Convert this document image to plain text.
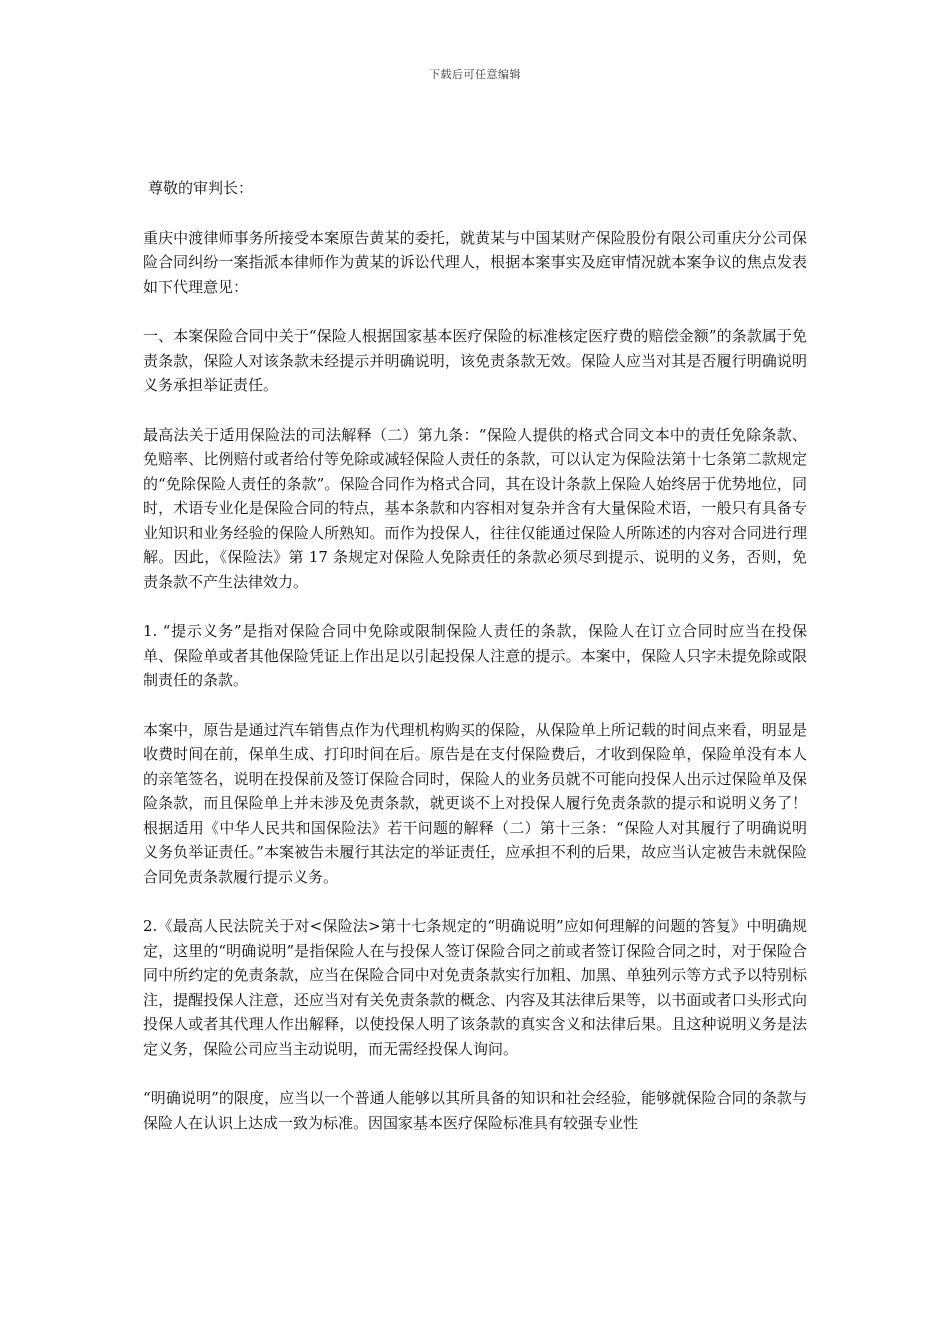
下载后可任意编辑

尊敬的审判长：

重庆中渡律师事务所接受本案原告黄某的委托，就黄某与中国某财产保险股份有限公司重庆分公司保险合同纠纷一案指派本律师作为黄某的诉讼代理人，根据本案事实及庭审情况就本案争议的焦点发表如下代理意见：

一、本案保险合同中关于“保险人根据国家基本医疗保险的标准核定医疗费的赔偿金额”的条款属于免责条款，保险人对该条款未经提示并明确说明，该免责条款无效。保险人应当对其是否履行明确说明义务承担举证责任。

最高法关于适用保险法的司法解释（二）第九条：“保险人提供的格式合同文本中的责任免除条款、免赔率、比例赔付或者给付等免除或减轻保险人责任的条款，可以认定为保险法第十七条第二款规定的“免除保险人责任的条款”。保险合同作为格式合同，其在设计条款上保险人始终居于优势地位，同时，术语专业化是保险合同的特点，基本条款和内容相对复杂并含有大量保险术语，一般只有具备专业知识和业务经验的保险人所熟知。而作为投保人，往往仅能通过保险人所陈述的内容对合同进行理解。因此，《保险法》第 17 条规定对保险人免除责任的条款必须尽到提示、说明的义务，否则，免责条款不产生法律效力。

1. “提示义务”是指对保险合同中免除或限制保险人责任的条款，保险人在订立合同时应当在投保单、保险单或者其他保险凭证上作出足以引起投保人注意的提示。本案中，保险人只字未提免除或限制责任的条款。

本案中，原告是通过汽车销售点作为代理机构购买的保险，从保险单上所记载的时间点来看，明显是收费时间在前，保单生成、打印时间在后。原告是在支付保险费后，才收到保险单，保险单没有本人的亲笔签名，说明在投保前及签订保险合同时，保险人的业务员就不可能向投保人出示过保险单及保险条款，而且保险单上并未涉及免责条款，就更谈不上对投保人履行免责条款的提示和说明义务了！根据适用《中华人民共和国保险法》若干问题的解释（二）第十三条：“保险人对其履行了明确说明义务负举证责任。”本案被告未履行其法定的举证责任，应承担不利的后果，故应当认定被告未就保险合同免责条款履行提示义务。

2.《最高人民法院关于对<保险法>第十七条规定的“明确说明”应如何理解的问题的答复》中明确规定，这里的“明确说明”是指保险人在与投保人签订保险合同之前或者签订保险合同之时，对于保险合同中所约定的免责条款，应当在保险合同中对免责条款实行加粗、加黑、单独列示等方式予以特别标注，提醒投保人注意，还应当对有关免责条款的概念、内容及其法律后果等，以书面或者口头形式向投保人或者其代理人作出解释，以使投保人明了该条款的真实含义和法律后果。且这种说明义务是法定义务，保险公司应当主动说明，而无需经投保人询问。

“明确说明”的限度，应当以一个普通人能够以其所具备的知识和社会经验，能够就保险合同的条款与保险人在认识上达成一致为标准。因国家基本医疗保险标准具有较强专业性
